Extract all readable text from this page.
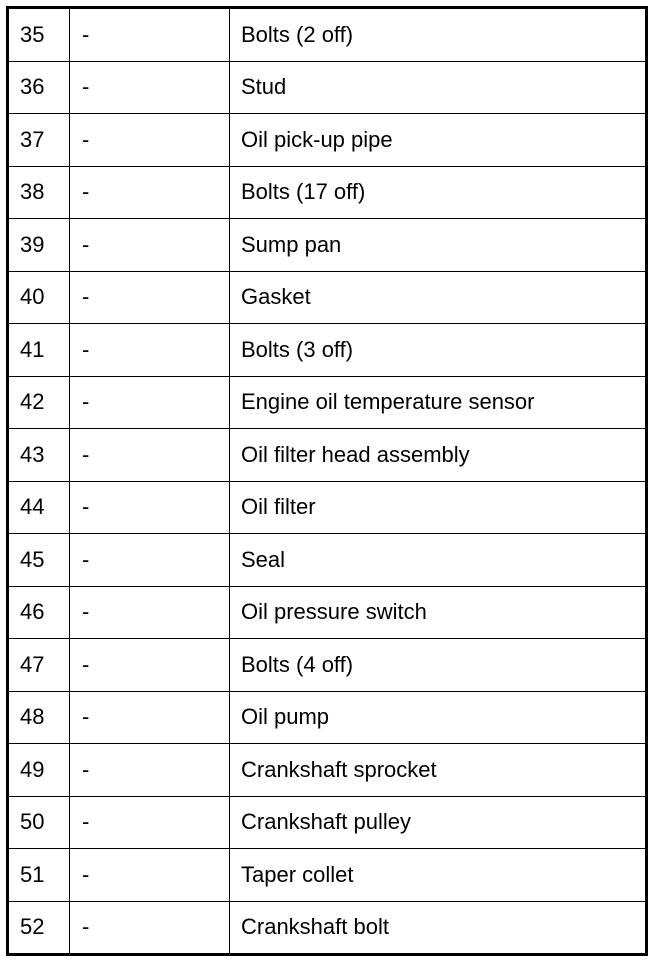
35	-	Bolts (2 off)
36	-	Stud
37	-	Oil pick-up pipe
38	-	Bolts (17 off)
39	-	Sump pan
40	-	Gasket
41	-	Bolts (3 off)
42	-	Engine oil temperature sensor
43	-	Oil filter head assembly
44	-	Oil filter
45	-	Seal
46	-	Oil pressure switch
47	-	Bolts (4 off)
48	-	Oil pump
49	-	Crankshaft sprocket
50	-	Crankshaft pulley
51	-	Taper collet
52	-	Crankshaft bolt
